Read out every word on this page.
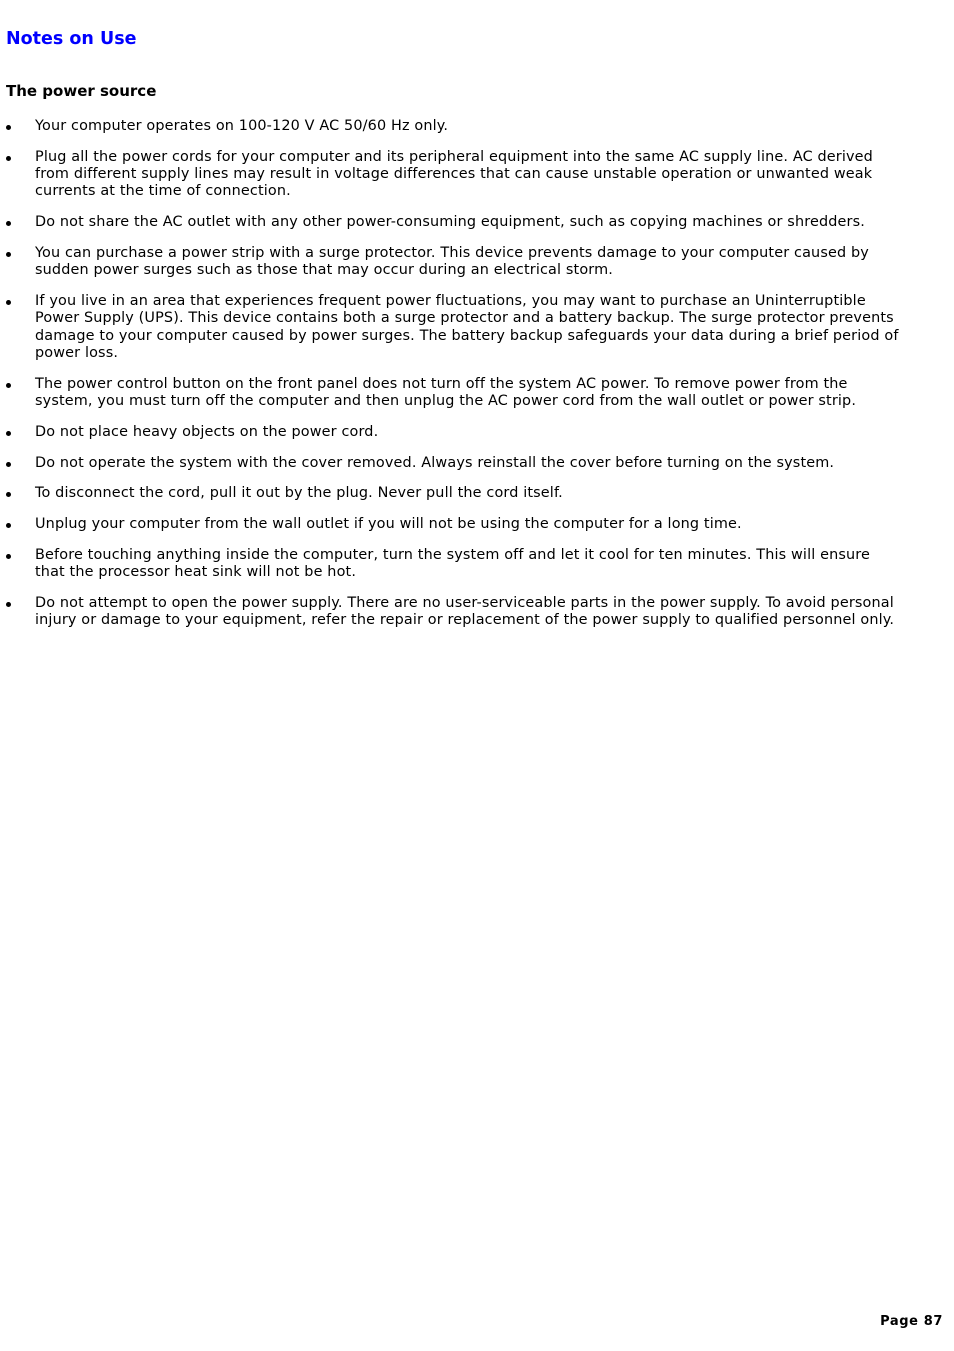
Notes on Use
The power source
Your computer operates on 100-120 V AC 50/60 Hz only.
Plug all the power cords for your computer and its peripheral equipment into the same AC supply line. AC derived from different supply lines may result in voltage differences that can cause unstable operation or unwanted weak currents at the time of connection.
Do not share the AC outlet with any other power-consuming equipment, such as copying machines or shredders.
You can purchase a power strip with a surge protector. This device prevents damage to your computer caused by sudden power surges such as those that may occur during an electrical storm.
If you live in an area that experiences frequent power fluctuations, you may want to purchase an Uninterruptible Power Supply (UPS). This device contains both a surge protector and a battery backup. The surge protector prevents damage to your computer caused by power surges. The battery backup safeguards your data during a brief period of power loss.
The power control button on the front panel does not turn off the system AC power. To remove power from the system, you must turn off the computer and then unplug the AC power cord from the wall outlet or power strip.
Do not place heavy objects on the power cord.
Do not operate the system with the cover removed. Always reinstall the cover before turning on the system.
To disconnect the cord, pull it out by the plug. Never pull the cord itself.
Unplug your computer from the wall outlet if you will not be using the computer for a long time.
Before touching anything inside the computer, turn the system off and let it cool for ten minutes. This will ensure that the processor heat sink will not be hot.
Do not attempt to open the power supply. There are no user-serviceable parts in the power supply. To avoid personal injury or damage to your equipment, refer the repair or replacement of the power supply to qualified personnel only.

Page 87
